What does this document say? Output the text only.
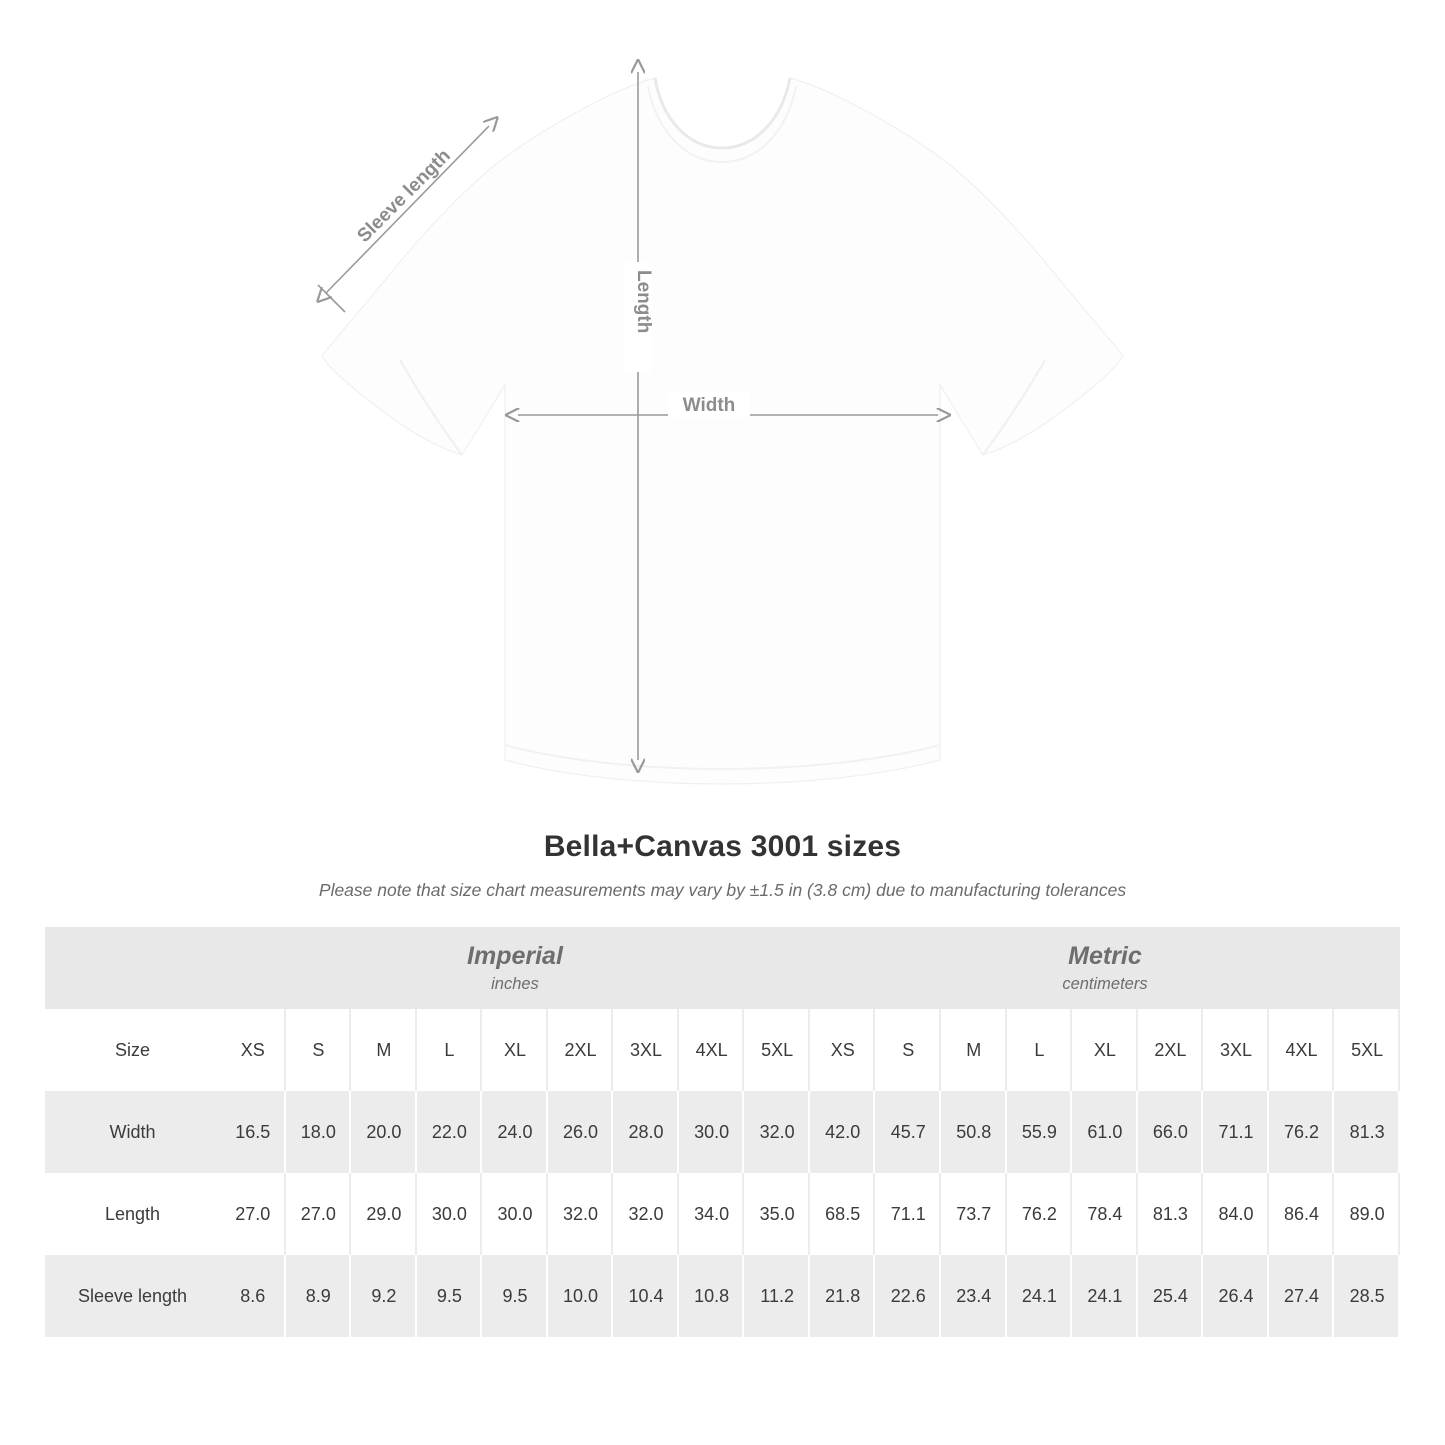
Length
Width
Sleeve length
Bella+Canvas 3001 sizes
Please note that size chart measurements may vary by ±1.5 in (3.8 cm) due to manufacturing tolerances

Imperial
inches

Metric
centimeters

Size	XS	S	M	L	XL	2XL	3XL	4XL	5XL	XS	S	M	L	XL	2XL	3XL	4XL	5XL
Width	16.5	18.0	20.0	22.0	24.0	26.0	28.0	30.0	32.0	42.0	45.7	50.8	55.9	61.0	66.0	71.1	76.2	81.3
Length	27.0	27.0	29.0	30.0	30.0	32.0	32.0	34.0	35.0	68.5	71.1	73.7	76.2	78.4	81.3	84.0	86.4	89.0
Sleeve length	8.6	8.9	9.2	9.5	9.5	10.0	10.4	10.8	11.2	21.8	22.6	23.4	24.1	24.1	25.4	26.4	27.4	28.5
